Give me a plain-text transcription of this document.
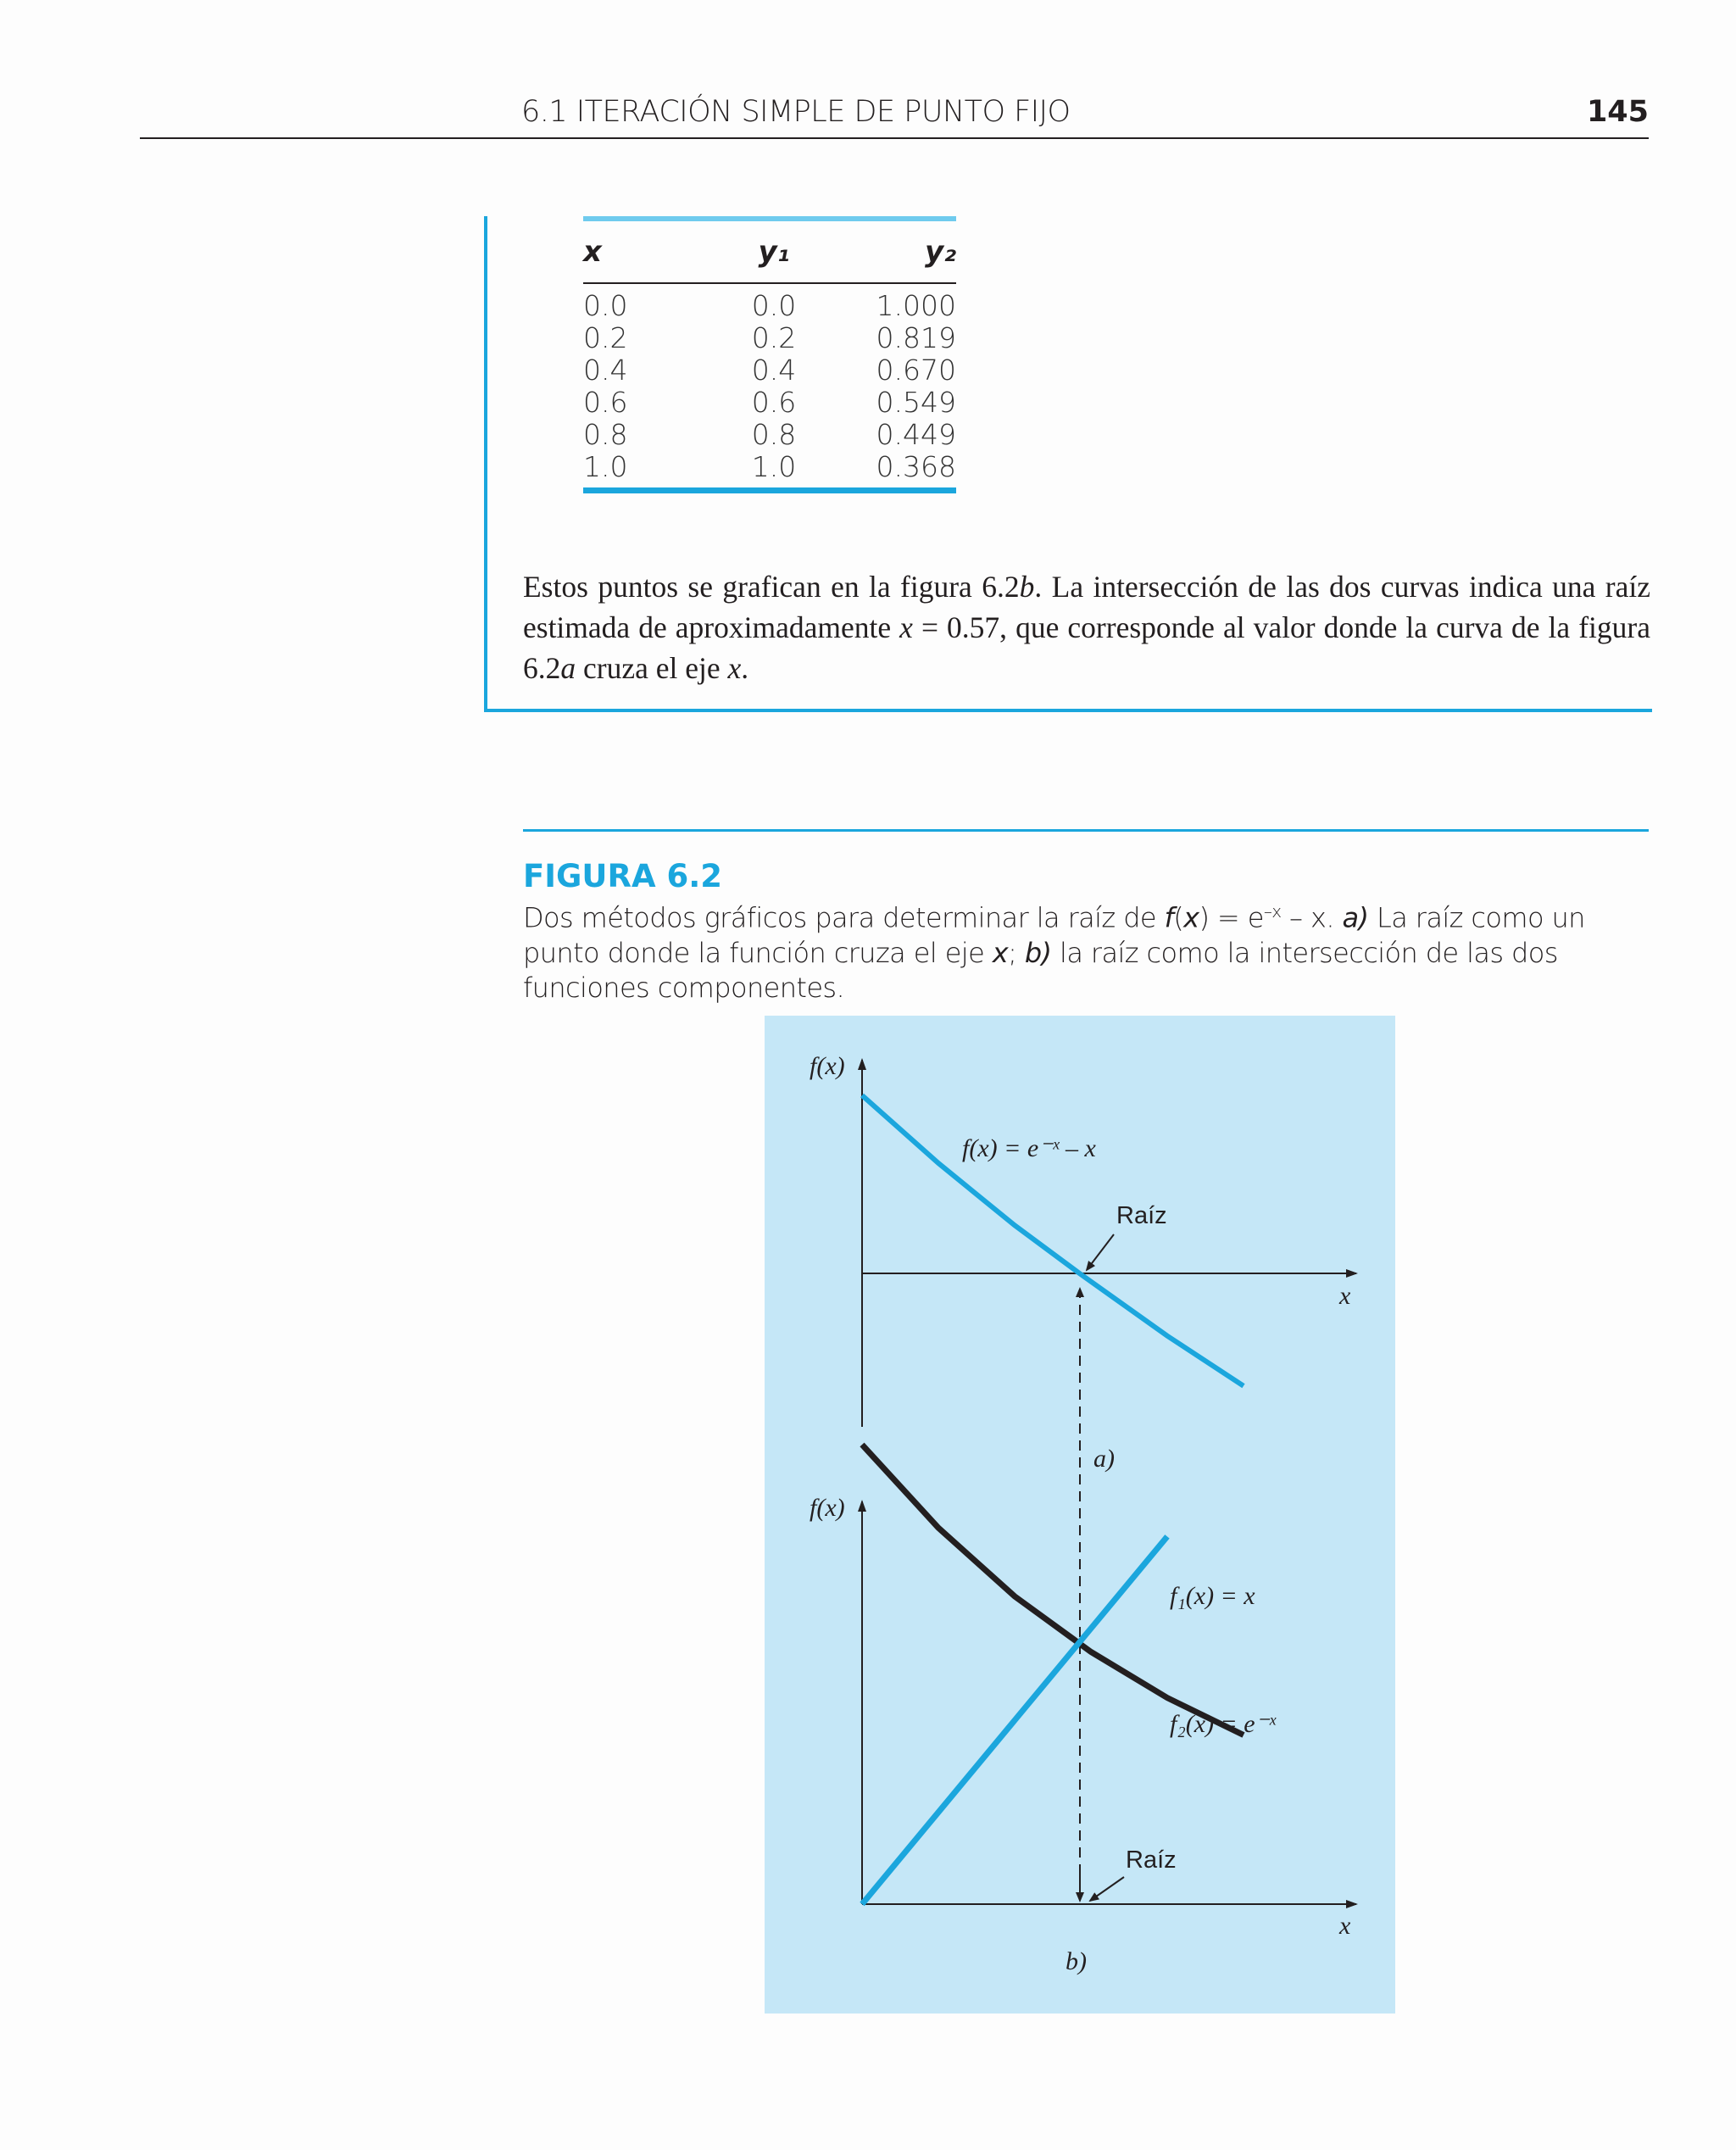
6.1 ITERACIÓN SIMPLE DE PUNTO FIJO	145
x	y₁	y₂
0.0	0.0	1.000
0.2	0.2	0.819
0.4	0.4	0.670
0.6	0.6	0.549
0.8	0.8	0.449
1.0	1.0	0.368

Estos puntos se grafican en la figura 6.2b. La intersección de las dos curvas indica una raíz estimada de aproximadamente x = 0.57, que corresponde al valor donde la curva de la figura 6.2a cruza el eje x.

FIGURA 6.2
Dos métodos gráficos para determinar la raíz de $f(x) = e^{-x} - x$. a) La raíz como un punto donde la función cruza el eje x; b) la raíz como la intersección de las dos funciones componentes.
f(x)
x
f(x) = e⁻ˣ – x
Raíz
a)
f(x)
x
f₁(x) = x
f₂(x) = e⁻ˣ
Raíz
b)
